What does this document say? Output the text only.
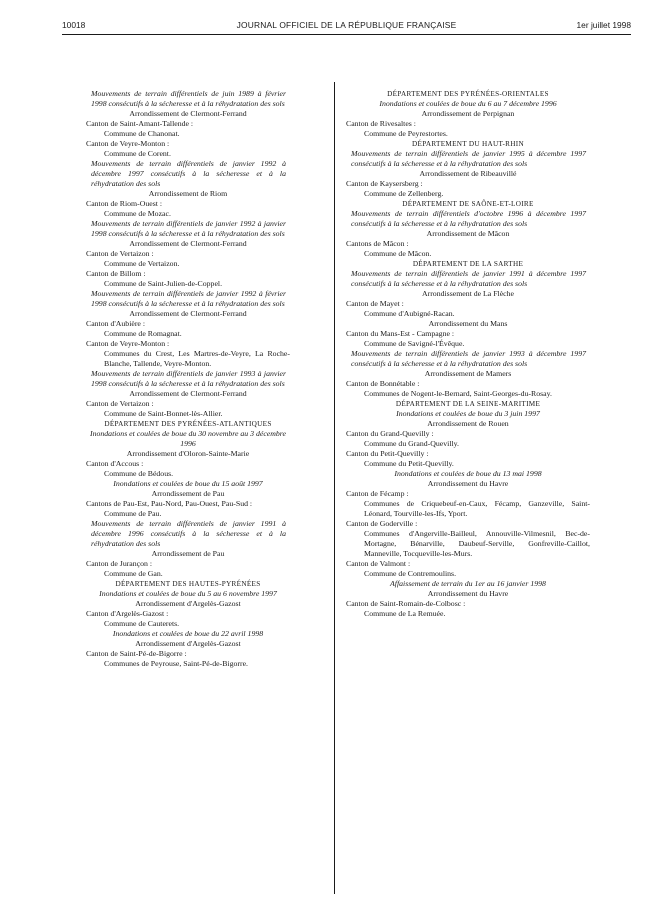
10018	JOURNAL OFFICIEL DE LA RÉPUBLIQUE FRANÇAISE	1er juillet 1998
Mouvements de terrain différentiels de juin 1989 à février 1998 consécutifs à la sécheresse et à la réhydratation des sols
Arrondissement de Clermont-Ferrand
Canton de Saint-Amant-Tallende :
Commune de Chanonat.
Canton de Veyre-Monton :
Commune de Corent.
Mouvements de terrain différentiels de janvier 1992 à décembre 1997 consécutifs à la sécheresse et à la réhydratation des sols
Arrondissement de Riom
Canton de Riom-Ouest :
Commune de Mozac.
Mouvements de terrain différentiels de janvier 1992 à janvier 1998 consécutifs à la sécheresse et à la réhydratation des sols
Arrondissement de Clermont-Ferrand
Canton de Vertaizon :
Commune de Vertaizon.
Canton de Billom :
Commune de Saint-Julien-de-Coppel.
Mouvements de terrain différentiels de janvier 1992 à février 1998 consécutifs à la sécheresse et à la réhydratation des sols
Arrondissement de Clermont-Ferrand
Canton d'Aubière :
Commune de Romagnat.
Canton de Veyre-Monton :
Communes du Crest, Les Martres-de-Veyre, La Roche-Blanche, Tallende, Veyre-Monton.
Mouvements de terrain différentiels de janvier 1993 à janvier 1998 consécutifs à la sécheresse et à la réhydratation des sols
Arrondissement de Clermont-Ferrand
Canton de Vertaizon :
Commune de Saint-Bonnet-lès-Allier.
DÉPARTEMENT DES PYRÉNÉES-ATLANTIQUES
Inondations et coulées de boue du 30 novembre au 3 décembre 1996
Arrondissement d'Oloron-Sainte-Marie
Canton d'Accous :
Commune de Bédous.
Inondations et coulées de boue du 15 août 1997
Arrondissement de Pau
Cantons de Pau-Est, Pau-Nord, Pau-Ouest, Pau-Sud :
Commune de Pau.
Mouvements de terrain différentiels de janvier 1991 à décembre 1996 consécutifs à la sécheresse et à la réhydratation des sols
Arrondissement de Pau
Canton de Jurançon :
Commune de Gan.
DÉPARTEMENT DES HAUTES-PYRÉNÉES
Inondations et coulées de boue du 5 au 6 novembre 1997
Arrondissement d'Argelès-Gazost
Canton d'Argelès-Gazost :
Commune de Cauterets.
Inondations et coulées de boue du 22 avril 1998
Arrondissement d'Argelès-Gazost
Canton de Saint-Pé-de-Bigorre :
Communes de Peyrouse, Saint-Pé-de-Bigorre.
DÉPARTEMENT DES PYRÉNÉES-ORIENTALES
Inondations et coulées de boue du 6 au 7 décembre 1996
Arrondissement de Perpignan
Canton de Rivesaltes :
Commune de Peyrestortes.
DÉPARTEMENT DU HAUT-RHIN
Mouvements de terrain différentiels de janvier 1995 à décembre 1997 consécutifs à la sécheresse et à la réhydratation des sols
Arrondissement de Ribeauvillé
Canton de Kaysersberg :
Commune de Zellenberg.
DÉPARTEMENT DE SAÔNE-ET-LOIRE
Mouvements de terrain différentiels d'octobre 1996 à décembre 1997 consécutifs à la sécheresse et à la réhydratation des sols
Arrondissement de Mâcon
Cantons de Mâcon :
Commune de Mâcon.
DÉPARTEMENT DE LA SARTHE
Mouvements de terrain différentiels de janvier 1991 à décembre 1997 consécutifs à la sécheresse et à la réhydratation des sols
Arrondissement de La Flèche
Canton de Mayet :
Commune d'Aubigné-Racan.
Arrondissement du Mans
Canton du Mans-Est - Campagne :
Commune de Savigné-l'Évêque.
Mouvements de terrain différentiels de janvier 1993 à décembre 1997 consécutifs à la sécheresse et à la réhydratation des sols
Arrondissement de Mamers
Canton de Bonnétable :
Communes de Nogent-le-Bernard, Saint-Georges-du-Rosay.
DÉPARTEMENT DE LA SEINE-MARITIME
Inondations et coulées de boue du 3 juin 1997
Arrondissement de Rouen
Canton du Grand-Quevilly :
Commune du Grand-Quevilly.
Canton du Petit-Quevilly :
Commune du Petit-Quevilly.
Inondations et coulées de boue du 13 mai 1998
Arrondissement du Havre
Canton de Fécamp :
Communes de Criquebeuf-en-Caux, Fécamp, Ganzeville, Saint-Léonard, Tourville-les-Ifs, Yport.
Canton de Goderville :
Communes d'Angerville-Bailleul, Annouville-Vilmesnil, Bec-de-Mortagne, Bénarville, Daubeuf-Serville, Gonfreville-Caillot, Manneville, Tocqueville-les-Murs.
Canton de Valmont :
Commune de Contremoulins.
Affaissement de terrain du 1er au 16 janvier 1998
Arrondissement du Havre
Canton de Saint-Romain-de-Colbosc :
Commune de La Remuée.
